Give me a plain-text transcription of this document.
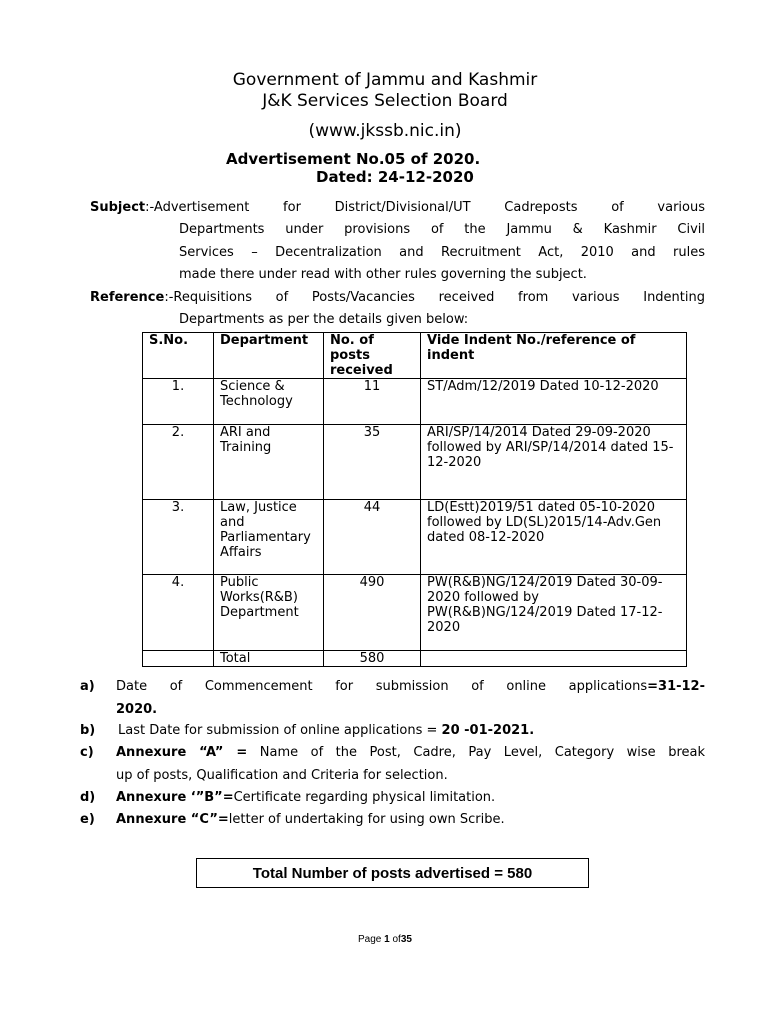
Government of Jammu and Kashmir
J&K Services Selection Board
(www.jkssb.nic.in)
Advertisement No.05 of 2020.
Dated: 24-12-2020
Subject:-Advertisement for District/Divisional/UT Cadreposts of various
Departments under provisions of the Jammu & Kashmir Civil
Services – Decentralization and Recruitment Act, 2010 and rules
made there under read with other rules governing the subject.
Reference:-Requisitions of Posts/Vacancies received from various Indenting
Departments as per the details given below:
S.No.	Department	No. of posts received	Vide Indent No./reference of indent
1.	Science & Technology	11	ST/Adm/12/2019 Dated 10-12-2020
2.	ARI and Training	35	ARI/SP/14/2014 Dated 29-09-2020 followed by ARI/SP/14/2014 dated 15-12-2020
3.	Law, Justice and Parliamentary Affairs	44	LD(Estt)2019/51 dated 05-10-2020 followed by LD(SL)2015/14-Adv.Gen dated 08-12-2020
4.	Public Works(R&B) Department	490	PW(R&B)NG/124/2019 Dated 30-09-2020 followed by PW(R&B)NG/124/2019 Dated 17-12-2020
	Total	580	
a) Date of Commencement for submission of online applications=31-12-
2020.
b) Last Date for submission of online applications = 20 -01-2021.
c) Annexure “A” = Name of the Post, Cadre, Pay Level, Category wise break
up of posts, Qualification and Criteria for selection.
d) Annexure ‘”B”=Certificate regarding physical limitation.
e) Annexure “C”=letter of undertaking for using own Scribe.
Total Number of posts advertised = 580
Page 1 of35
